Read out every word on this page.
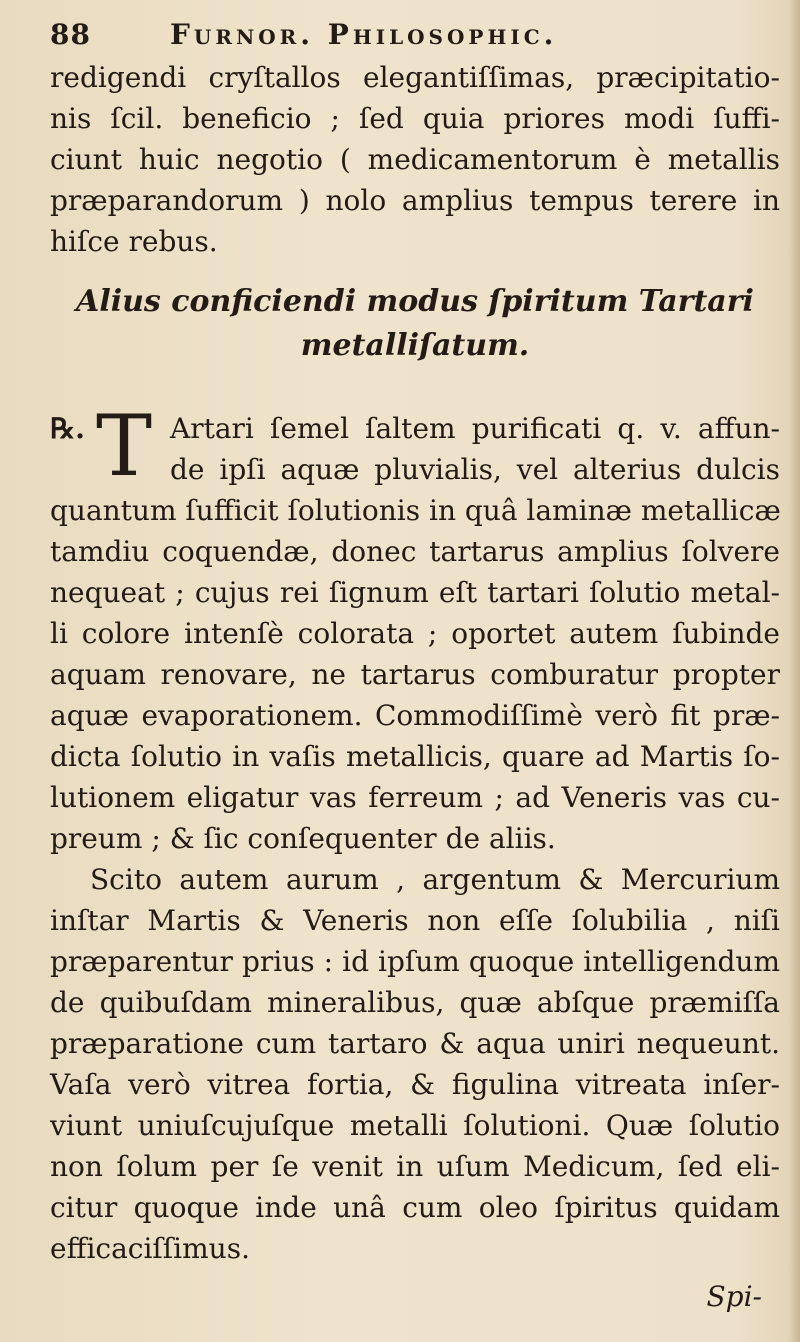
88	Furnor. Philosophic.
redigendi cryſtallos elegantiſſimas, præcipitatio-
nis ſcil. beneficio ; ſed quia priores modi ſuffi-
ciunt huic negotio ( medicamentorum è metallis
præparandorum ) nolo amplius tempus terere in
hiſce rebus.
Alius conficiendi modus ſpiritum Tartari
metalliſatum.
℞. T Artari ſemel ſaltem purificati q. v. affun-
de ipſi aquæ pluvialis, vel alterius dulcis
quantum ſufficit ſolutionis in quâ laminæ metallicæ
tamdiu coquendæ, donec tartarus amplius ſolvere
nequeat ; cujus rei ſignum eſt tartari ſolutio metal-
li colore intenſè colorata ; oportet autem ſubinde
aquam renovare, ne tartarus comburatur propter
aquæ evaporationem. Commodiſſimè verò fit præ-
dicta ſolutio in vaſis metallicis, quare ad Martis ſo-
lutionem eligatur vas ferreum ; ad Veneris vas cu-
preum ; & ſic conſequenter de aliis.
Scito autem aurum , argentum & Mercurium
inſtar Martis & Veneris non eſſe ſolubilia , niſi
præparentur prius : id ipſum quoque intelligendum
de quibuſdam mineralibus, quæ abſque præmiſſa
præparatione cum tartaro & aqua uniri nequeunt.
Vaſa verò vitrea fortia, & figulina vitreata inſer-
viunt uniuſcujuſque metalli ſolutioni. Quæ ſolutio
non ſolum per ſe venit in uſum Medicum, ſed eli-
citur quoque inde unâ cum oleo ſpiritus quidam
efficaciſſimus.
Spi-
